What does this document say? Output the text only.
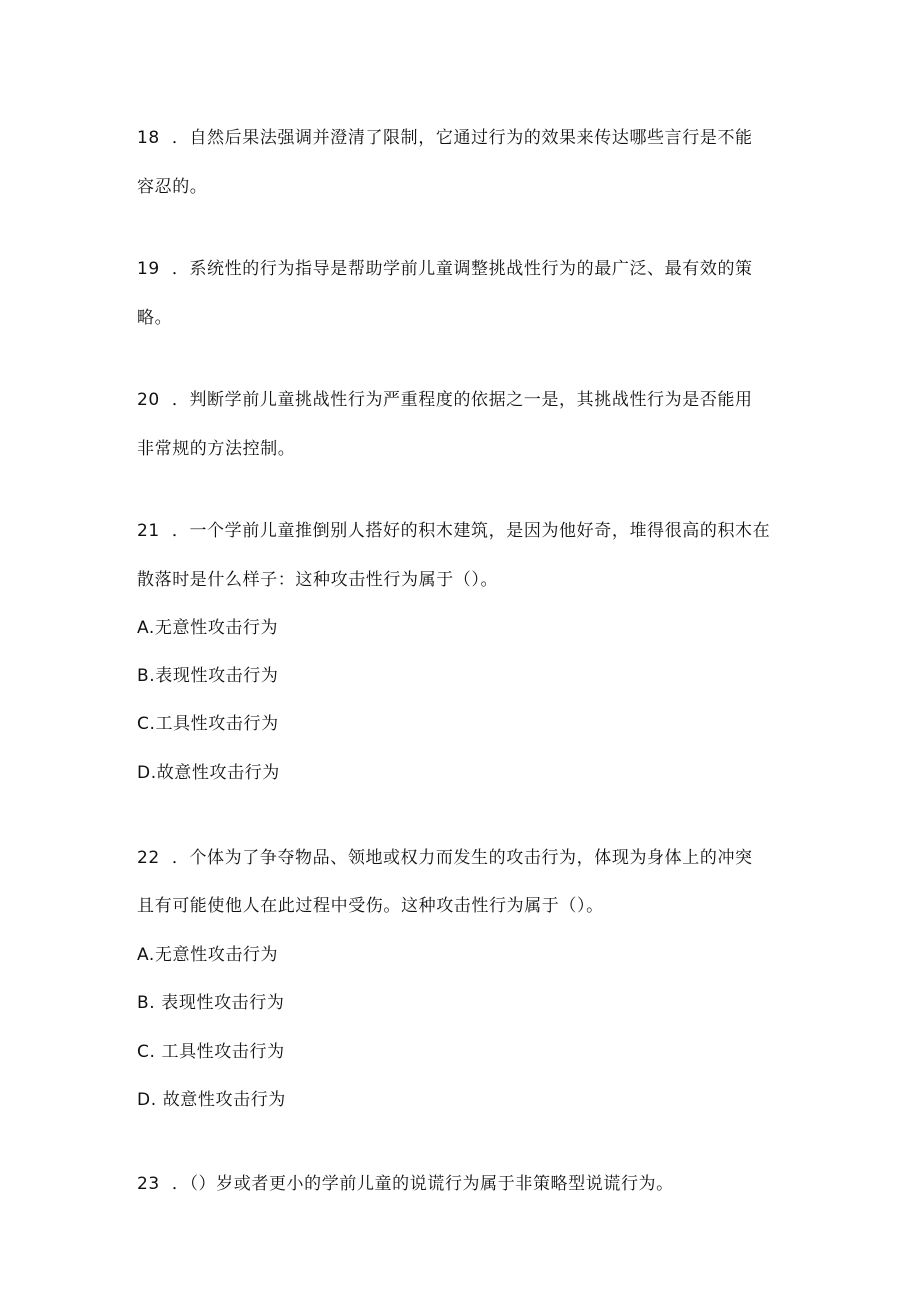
18 ．自然后果法强调并澄清了限制，它通过行为的效果来传达哪些言行是不能
容忍的。
19 ．系统性的行为指导是帮助学前儿童调整挑战性行为的最广泛、最有效的策
略。
20 ．判断学前儿童挑战性行为严重程度的依据之一是，其挑战性行为是否能用
非常规的方法控制。
21 ．一个学前儿童推倒别人搭好的积木建筑，是因为他好奇，堆得很高的积木在
散落时是什么样子：这种攻击性行为属于（）。
A.无意性攻击行为
B.表现性攻击行为
C.工具性攻击行为
D.故意性攻击行为
22 ．个体为了争夺物品、领地或权力而发生的攻击行为，体现为身体上的冲突
且有可能使他人在此过程中受伤。这种攻击性行为属于（）。
A.无意性攻击行为
B. 表现性攻击行为
C. 工具性攻击行为
D. 故意性攻击行为
23 ．（）岁或者更小的学前儿童的说谎行为属于非策略型说谎行为。
